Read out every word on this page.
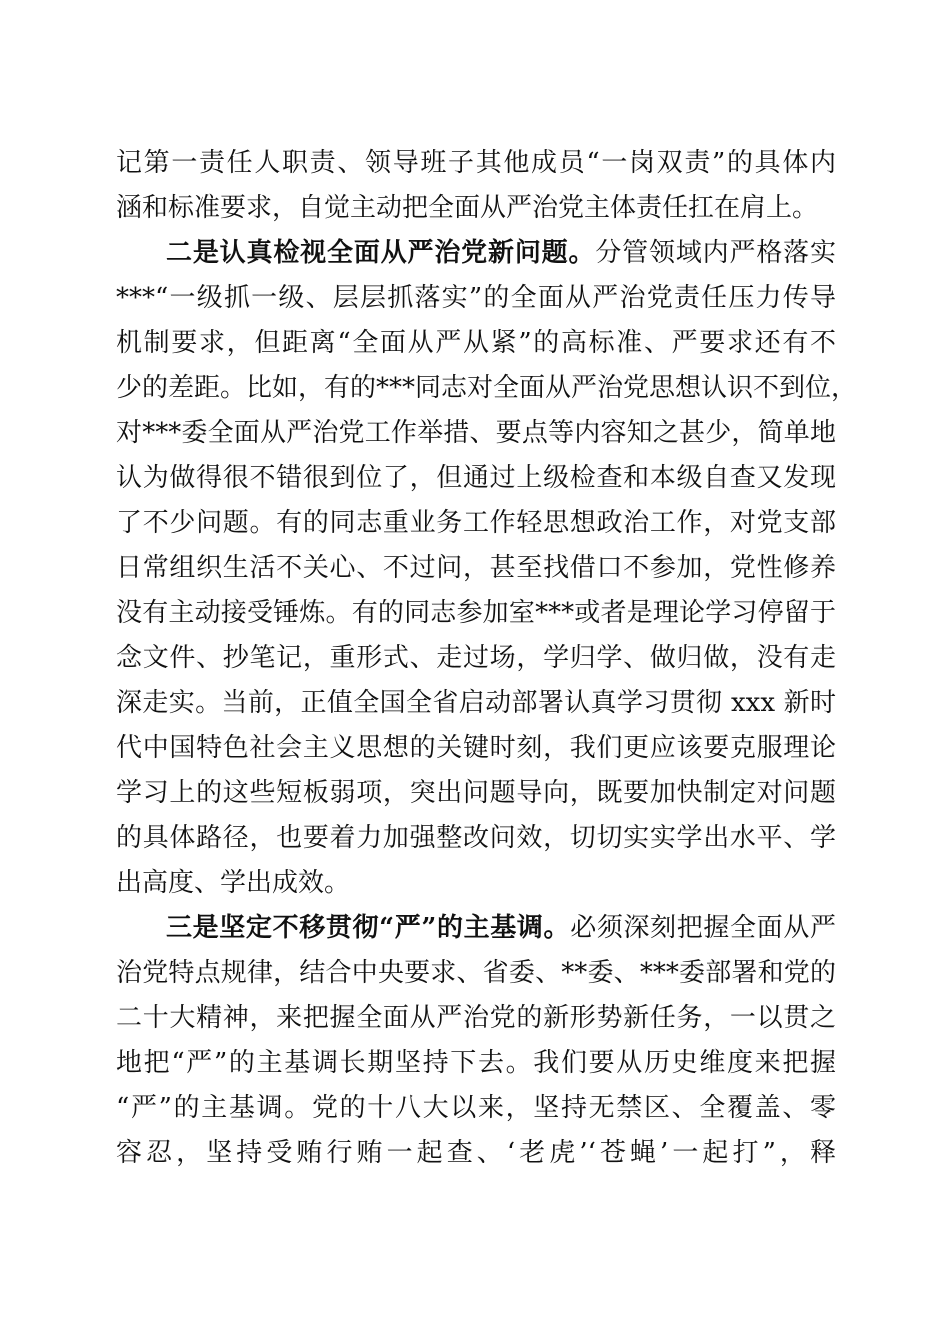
记第一责任人职责、领导班子其他成员“一岗双责”的具体内
涵和标准要求，自觉主动把全面从严治党主体责任扛在肩上。
二是认真检视全面从严治党新问题。分管领域内严格落实
***“一级抓一级、层层抓落实”的全面从严治党责任压力传导
机制要求，但距离“全面从严从紧”的高标准、严要求还有不
少的差距。比如，有的***同志对全面从严治党思想认识不到位，
对***委全面从严治党工作举措、要点等内容知之甚少，简单地
认为做得很不错很到位了，但通过上级检查和本级自查又发现
了不少问题。有的同志重业务工作轻思想政治工作，对党支部
日常组织生活不关心、不过问，甚至找借口不参加，党性修养
没有主动接受锤炼。有的同志参加室***或者是理论学习停留于
念文件、抄笔记，重形式、走过场，学归学、做归做，没有走
深走实。当前，正值全国全省启动部署认真学习贯彻 xxx 新时
代中国特色社会主义思想的关键时刻，我们更应该要克服理论
学习上的这些短板弱项，突出问题导向，既要加快制定对问题
的具体路径，也要着力加强整改问效，切切实实学出水平、学
出高度、学出成效。
三是坚定不移贯彻“严”的主基调。必须深刻把握全面从严
治党特点规律，结合中央要求、省委、**委、***委部署和党的
二十大精神，来把握全面从严治党的新形势新任务，一以贯之
地把“严”的主基调长期坚持下去。我们要从历史维度来把握
“严”的主基调。党的十八大以来，坚持无禁区、全覆盖、零
容忍，坚持受贿行贿一起查、‘老虎’‘苍蝇’一起打”，释
